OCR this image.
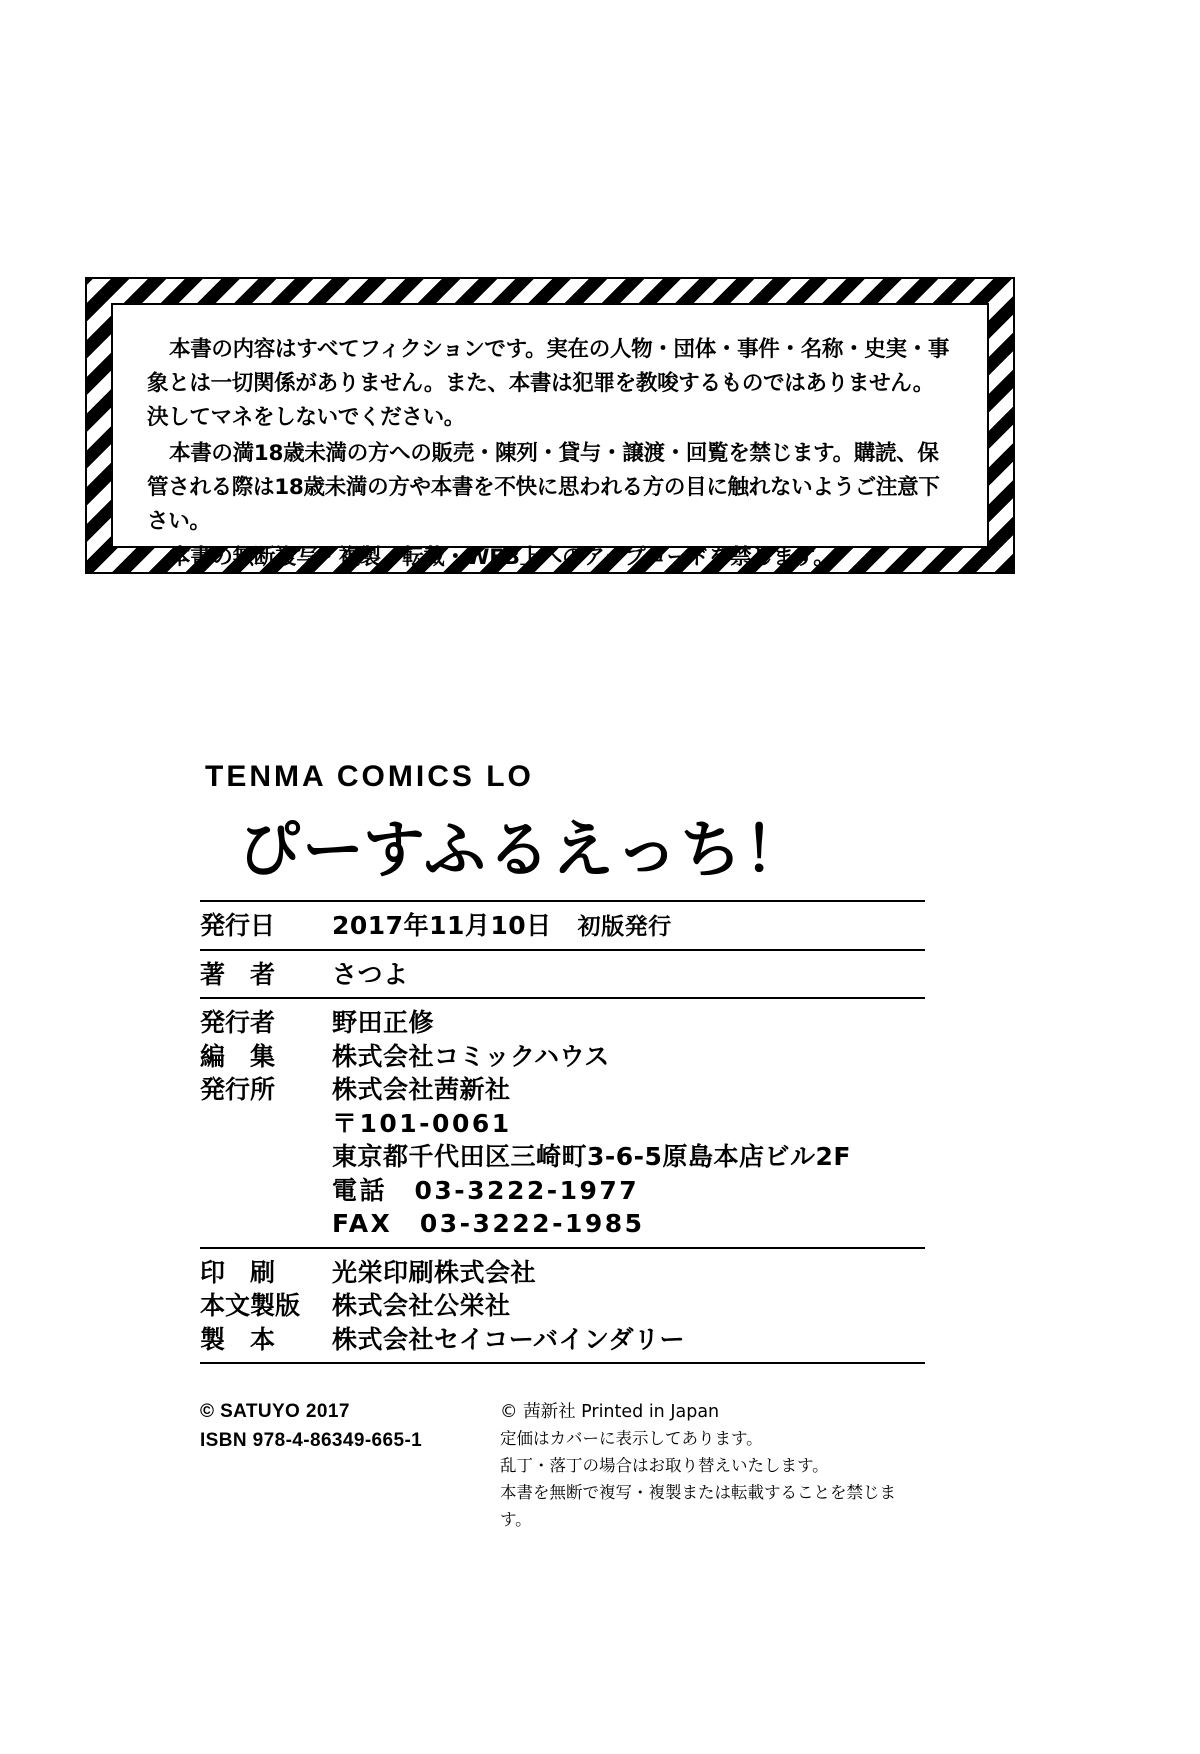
本書の内容はすべてフィクションです。実在の人物・団体・事件・名称・史実・事象とは一切関係がありません。また、本書は犯罪を教唆するものではありません。決してマネをしないでください。

本書の満18歳未満の方への販売・陳列・貸与・譲渡・回覧を禁じます。購読、保管される際は18歳未満の方や本書を不快に思われる方の目に触れないようご注意下さい。

本書の無断複写・複製・転載・WEB上へのアップロードを禁じます。

TENMA COMICS LO
ぴーすふるえっち！
発行日	2017年11月10日 初版発行
著　者	さつよ
発行者	野田正修
編　集	株式会社コミックハウス
発行所	株式会社茜新社
〒101-0061
東京都千代田区三崎町3-6-5原島本店ビル2F
電話　03-3222-1977
FAX　03-3222-1985
印　刷	光栄印刷株式会社
本文製版	株式会社公栄社
製　本	株式会社セイコーバインダリー
© SATUYO 2017
ISBN 978-4-86349-665-1
© 茜新社 Printed in Japan
定価はカバーに表示してあります。
乱丁・落丁の場合はお取り替えいたします。
本書を無断で複写・複製または転載することを禁じます。
